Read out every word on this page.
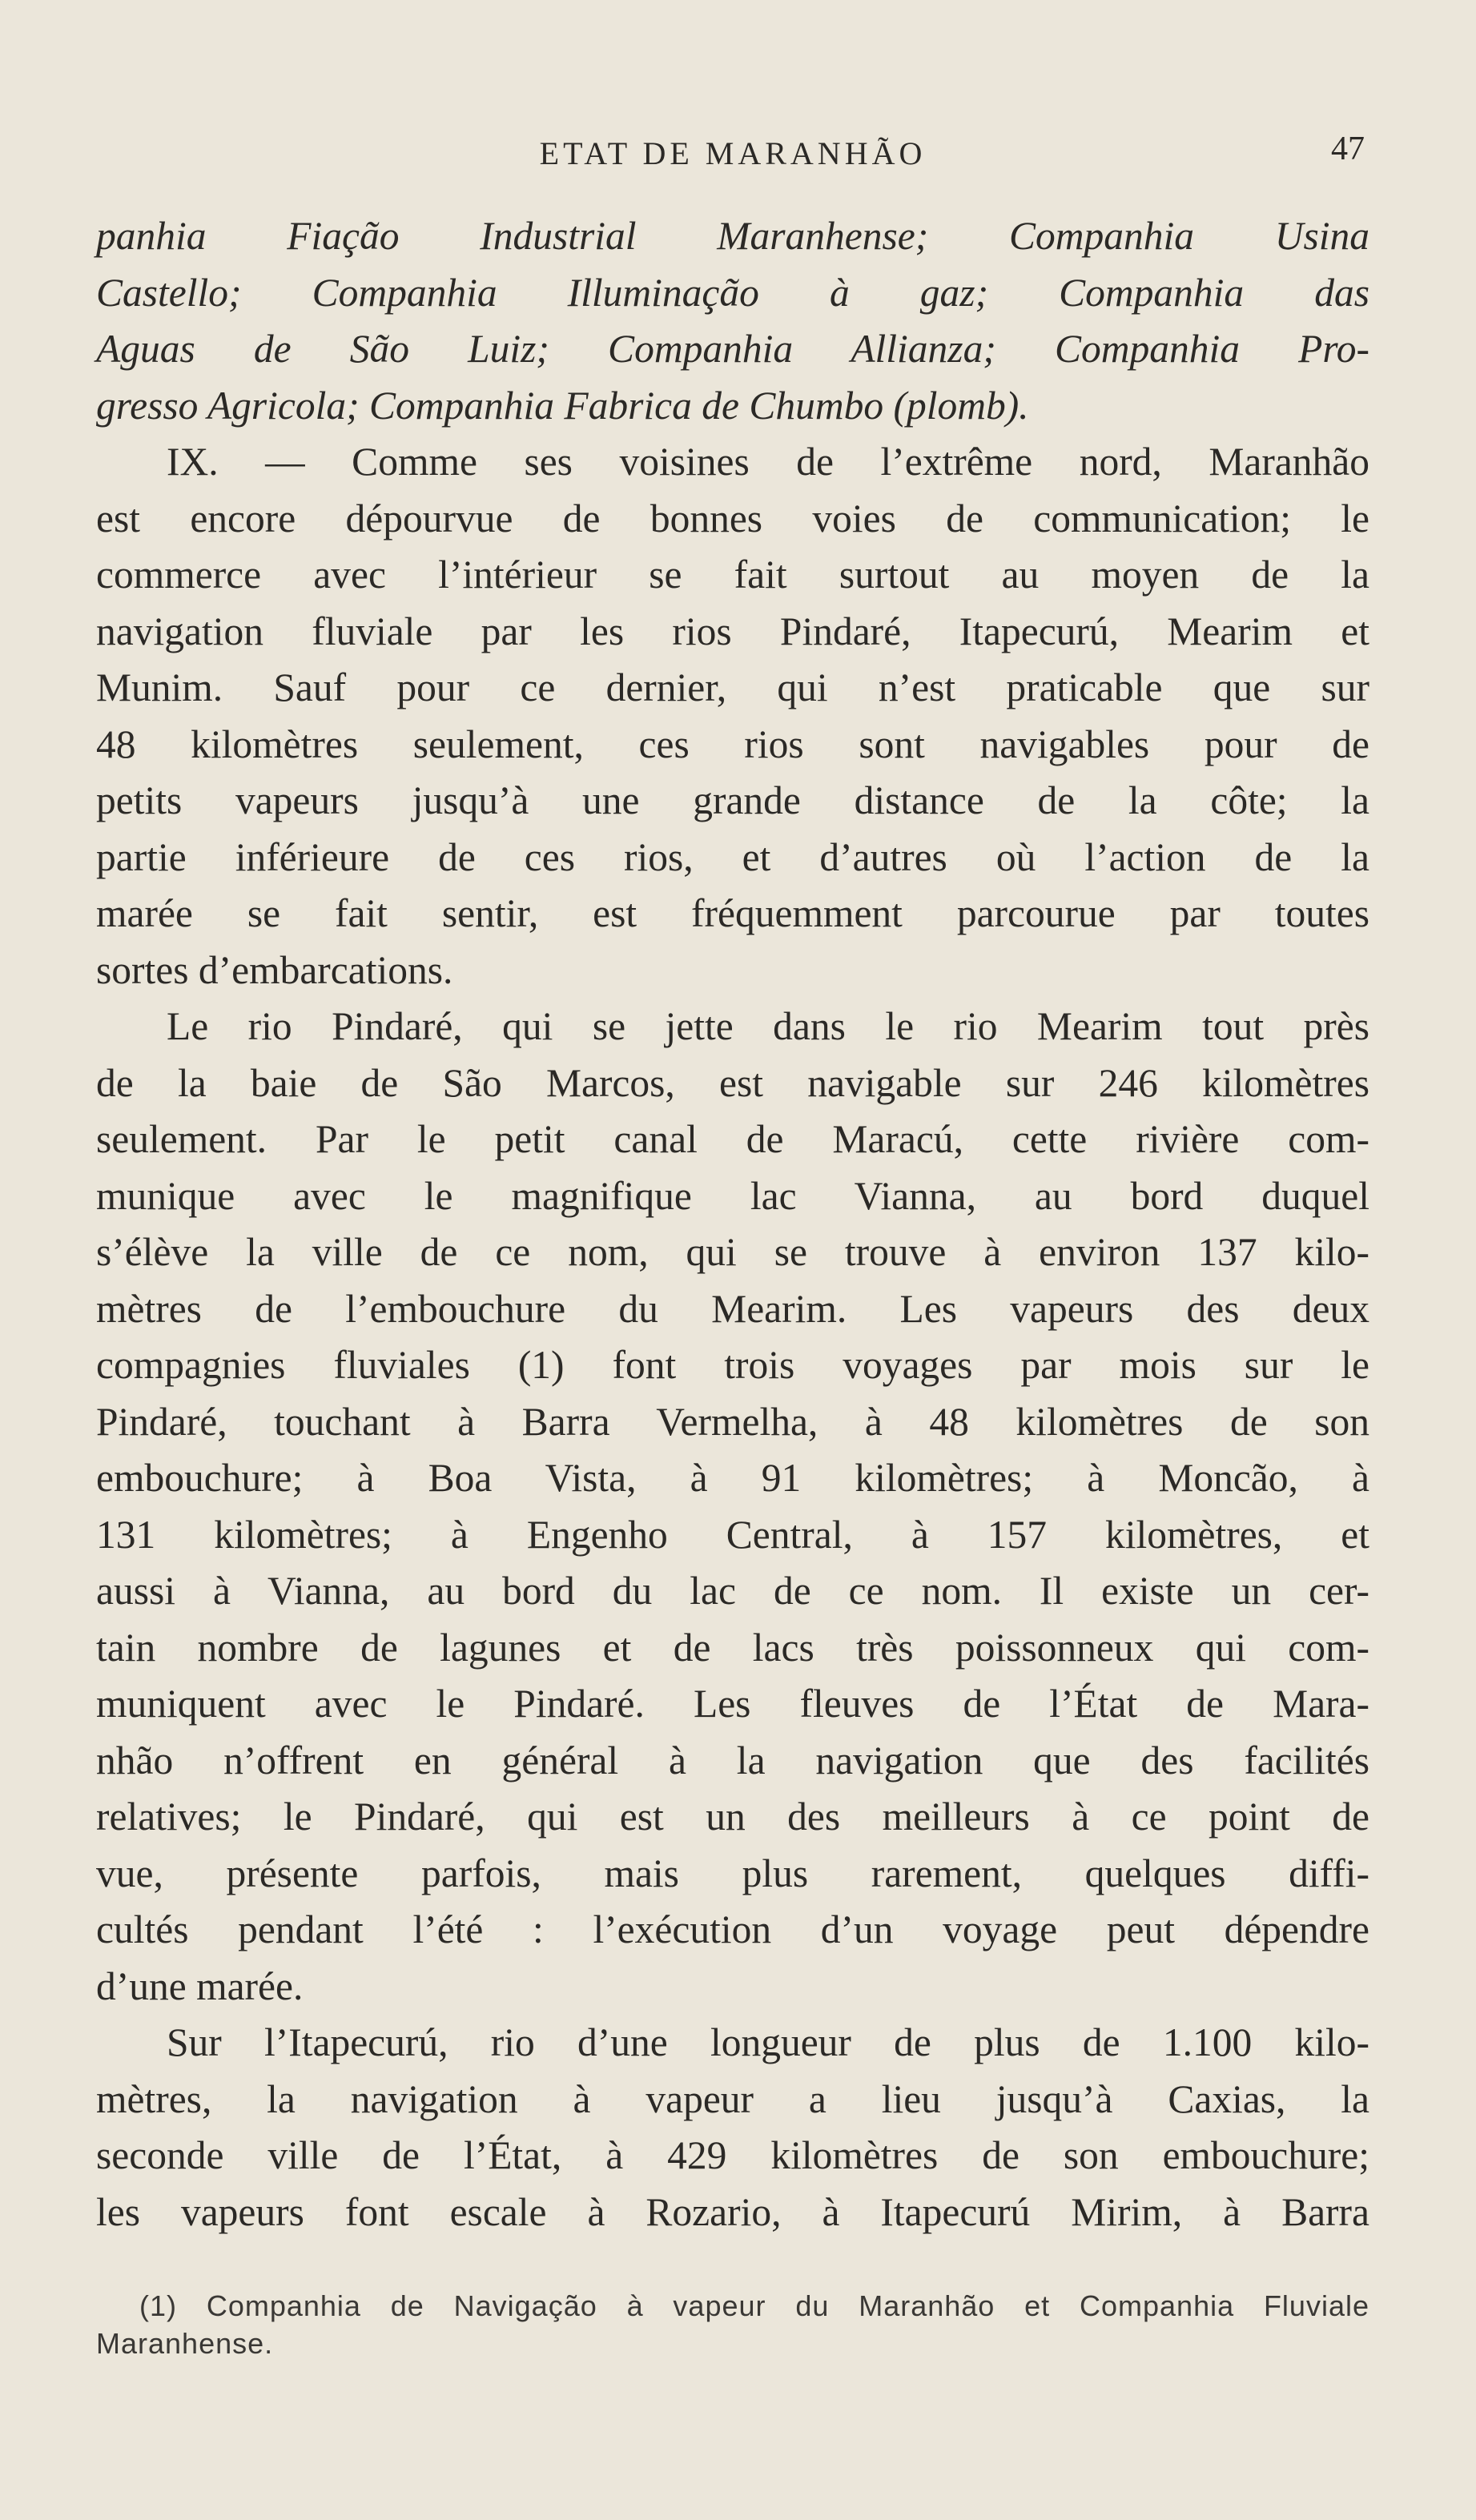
ETAT DE MARANHÃO	47

panhia Fiação Industrial Maranhense; Companhia Usina

Castello; Companhia Illuminação à gaz; Companhia das

Aguas de São Luiz; Companhia Allianza; Companhia Pro-

gresso Agricola; Companhia Fabrica de Chumbo (plomb).

IX. — Comme ses voisines de l’extrême nord, Maranhão

est encore dépourvue de bonnes voies de communication; le

commerce avec l’intérieur se fait surtout au moyen de la

navigation fluviale par les rios Pindaré, Itapecurú, Mearim et

Munim. Sauf pour ce dernier, qui n’est praticable que sur

48 kilomètres seulement, ces rios sont navigables pour de

petits vapeurs jusqu’à une grande distance de la côte; la

partie inférieure de ces rios, et d’autres où l’action de la

marée se fait sentir, est fréquemment parcourue par toutes

sortes d’embarcations.

Le rio Pindaré, qui se jette dans le rio Mearim tout près

de la baie de São Marcos, est navigable sur 246 kilomètres

seulement. Par le petit canal de Maracú, cette rivière com-

munique avec le magnifique lac Vianna, au bord duquel

s’élève la ville de ce nom, qui se trouve à environ 137 kilo-

mètres de l’embouchure du Mearim. Les vapeurs des deux

compagnies fluviales (1) font trois voyages par mois sur le

Pindaré, touchant à Barra Vermelha, à 48 kilomètres de son

embouchure; à Boa Vista, à 91 kilomètres; à Moncão, à

131 kilomètres; à Engenho Central, à 157 kilomètres, et

aussi à Vianna, au bord du lac de ce nom. Il existe un cer-

tain nombre de lagunes et de lacs très poissonneux qui com-

muniquent avec le Pindaré. Les fleuves de l’État de Mara-

nhão n’offrent en général à la navigation que des facilités

relatives; le Pindaré, qui est un des meilleurs à ce point de

vue, présente parfois, mais plus rarement, quelques diffi-

cultés pendant l’été : l’exécution d’un voyage peut dépendre

d’une marée.

Sur l’Itapecurú, rio d’une longueur de plus de 1.100 kilo-

mètres, la navigation à vapeur a lieu jusqu’à Caxias, la

seconde ville de l’État, à 429 kilomètres de son embouchure;

les vapeurs font escale à Rozario, à Itapecurú Mirim, à Barra

(1) Companhia de Navigação à vapeur du Maranhão et Companhia Fluviale

Maranhense.
